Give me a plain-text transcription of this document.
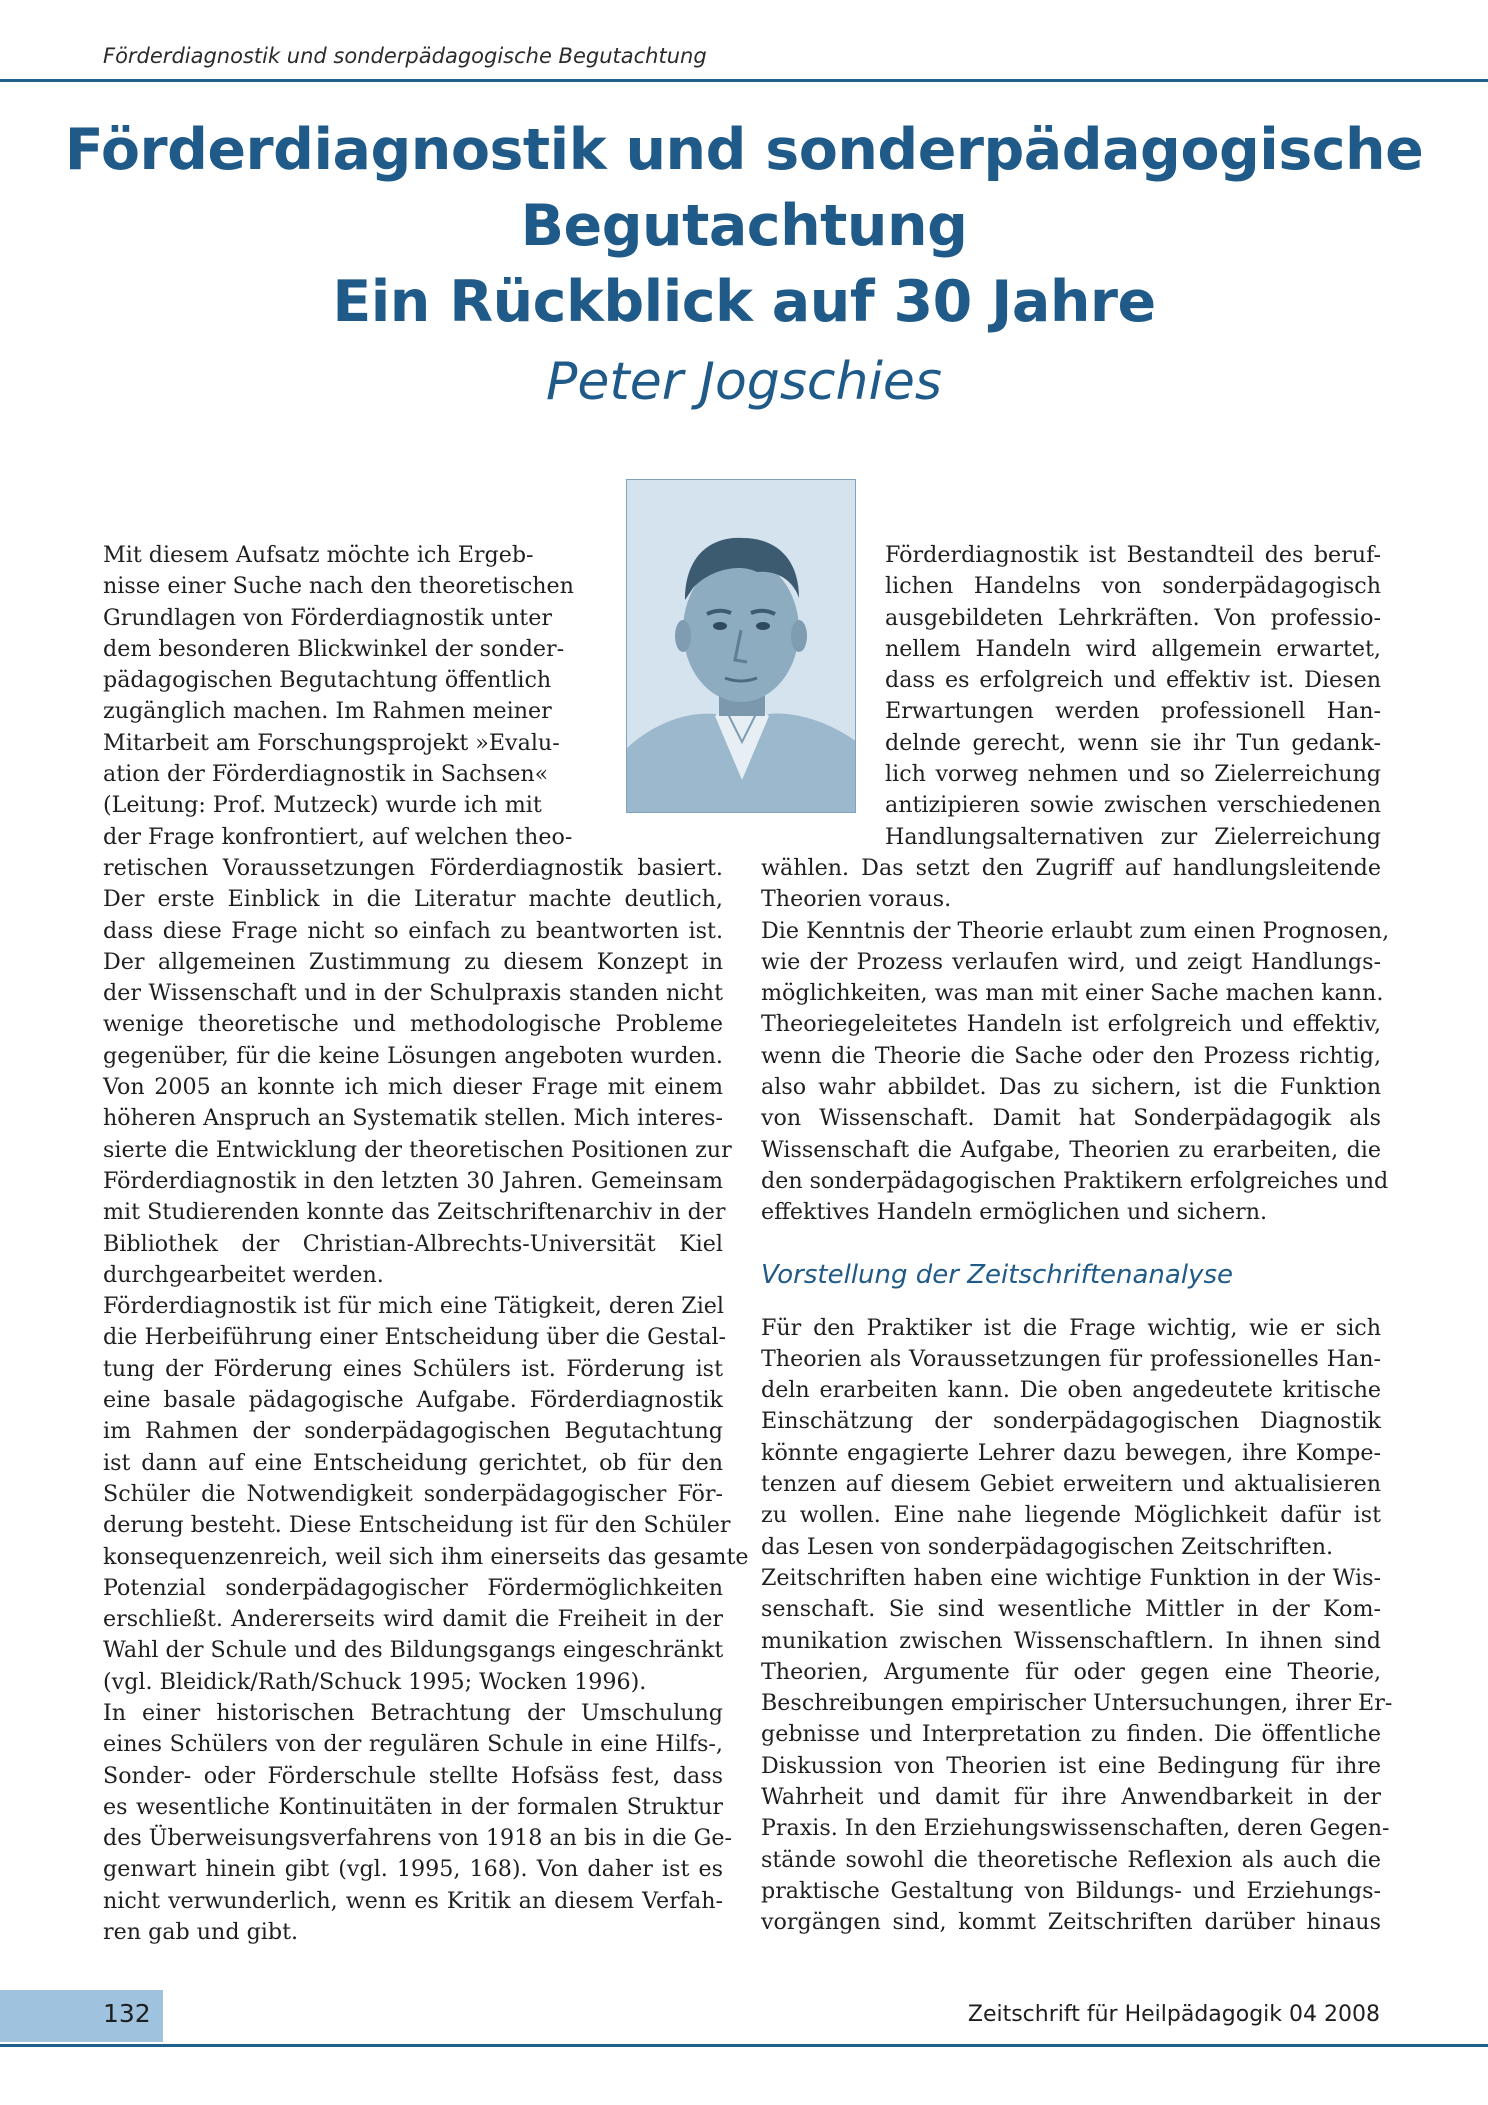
Förderdiagnostik und sonderpädagogische Begutachtung
Förderdiagnostik und sonderpädagogische
Begutachtung
Ein Rückblick auf 30 Jahre
Peter Jogschies

Mit diesem Aufsatz möchte ich Ergeb-
nisse einer Suche nach den theoretischen
Grundlagen von Förderdiagnostik unter
dem besonderen Blickwinkel der sonder-
pädagogischen Begutachtung öffentlich
zugänglich machen. Im Rahmen meiner
Mitarbeit am Forschungsprojekt »Evalu-
ation der Förderdiagnostik in Sachsen«
(Leitung: Prof. Mutzeck) wurde ich mit
der Frage konfrontiert, auf welchen theo-

retischen Voraussetzungen Förderdiagnostik basiert.
Der erste Einblick in die Literatur machte deutlich,
dass diese Frage nicht so einfach zu beantworten ist.
Der allgemeinen Zustimmung zu diesem Konzept in
der Wissenschaft und in der Schulpraxis standen nicht
wenige theoretische und methodologische Probleme
gegenüber, für die keine Lösungen angeboten wurden.
Von 2005 an konnte ich mich dieser Frage mit einem
höheren Anspruch an Systematik stellen. Mich interes-
sierte die Entwicklung der theoretischen Positionen zur
Förderdiagnostik in den letzten 30 Jahren. Gemeinsam
mit Studierenden konnte das Zeitschriftenarchiv in der
Bibliothek der Christian-Albrechts-Universität Kiel
durchgearbeitet werden.

Förderdiagnostik ist für mich eine Tätigkeit, deren Ziel
die Herbeiführung einer Entscheidung über die Gestal-
tung der Förderung eines Schülers ist. Förderung ist
eine basale pädagogische Aufgabe. Förderdiagnostik
im Rahmen der sonderpädagogischen Begutachtung
ist dann auf eine Entscheidung gerichtet, ob für den
Schüler die Notwendigkeit sonderpädagogischer För-
derung besteht. Diese Entscheidung ist für den Schüler
konsequenzenreich, weil sich ihm einerseits das gesamte
Potenzial sonderpädagogischer Fördermöglichkeiten
erschließt. Andererseits wird damit die Freiheit in der
Wahl der Schule und des Bildungsgangs eingeschränkt
(vgl. Bleidick/Rath/Schuck 1995; Wocken 1996).

In einer historischen Betrachtung der Umschulung
eines Schülers von der regulären Schule in eine Hilfs-,
Sonder- oder Förderschule stellte Hofsäss fest, dass
es wesentliche Kontinuitäten in der formalen Struktur
des Überweisungsverfahrens von 1918 an bis in die Ge-
genwart hinein gibt (vgl. 1995, 168). Von daher ist es
nicht verwunderlich, wenn es Kritik an diesem Verfah-
ren gab und gibt.

Förderdiagnostik ist Bestandteil des beruf-
lichen Handelns von sonderpädagogisch
ausgebildeten Lehrkräften. Von professio-
nellem Handeln wird allgemein erwartet,
dass es erfolgreich und effektiv ist. Diesen
Erwartungen werden professionell Han-
delnde gerecht, wenn sie ihr Tun gedank-
lich vorweg nehmen und so Zielerreichung
antizipieren sowie zwischen verschiedenen
Handlungsalternativen zur Zielerreichung

wählen. Das setzt den Zugriff auf handlungsleitende
Theorien voraus.

Die Kenntnis der Theorie erlaubt zum einen Prognosen,
wie der Prozess verlaufen wird, und zeigt Handlungs-
möglichkeiten, was man mit einer Sache machen kann.
Theoriegeleitetes Handeln ist erfolgreich und effektiv,
wenn die Theorie die Sache oder den Prozess richtig,
also wahr abbildet. Das zu sichern, ist die Funktion
von Wissenschaft. Damit hat Sonderpädagogik als
Wissenschaft die Aufgabe, Theorien zu erarbeiten, die
den sonderpädagogischen Praktikern erfolgreiches und
effektives Handeln ermöglichen und sichern.

Vorstellung der Zeitschriftenanalyse

Für den Praktiker ist die Frage wichtig, wie er sich
Theorien als Voraussetzungen für professionelles Han-
deln erarbeiten kann. Die oben angedeutete kritische
Einschätzung der sonderpädagogischen Diagnostik
könnte engagierte Lehrer dazu bewegen, ihre Kompe-
tenzen auf diesem Gebiet erweitern und aktualisieren
zu wollen. Eine nahe liegende Möglichkeit dafür ist
das Lesen von sonderpädagogischen Zeitschriften.

Zeitschriften haben eine wichtige Funktion in der Wis-
senschaft. Sie sind wesentliche Mittler in der Kom-
munikation zwischen Wissenschaftlern. In ihnen sind
Theorien, Argumente für oder gegen eine Theorie,
Beschreibungen empirischer Untersuchungen, ihrer Er-
gebnisse und Interpretation zu finden. Die öffentliche
Diskussion von Theorien ist eine Bedingung für ihre
Wahrheit und damit für ihre Anwendbarkeit in der
Praxis. In den Erziehungswissenschaften, deren Gegen-
stände sowohl die theoretische Reflexion als auch die
praktische Gestaltung von Bildungs- und Erziehungs-
vorgängen sind, kommt Zeitschriften darüber hinaus

132	Zeitschrift für Heilpädagogik 04 2008
